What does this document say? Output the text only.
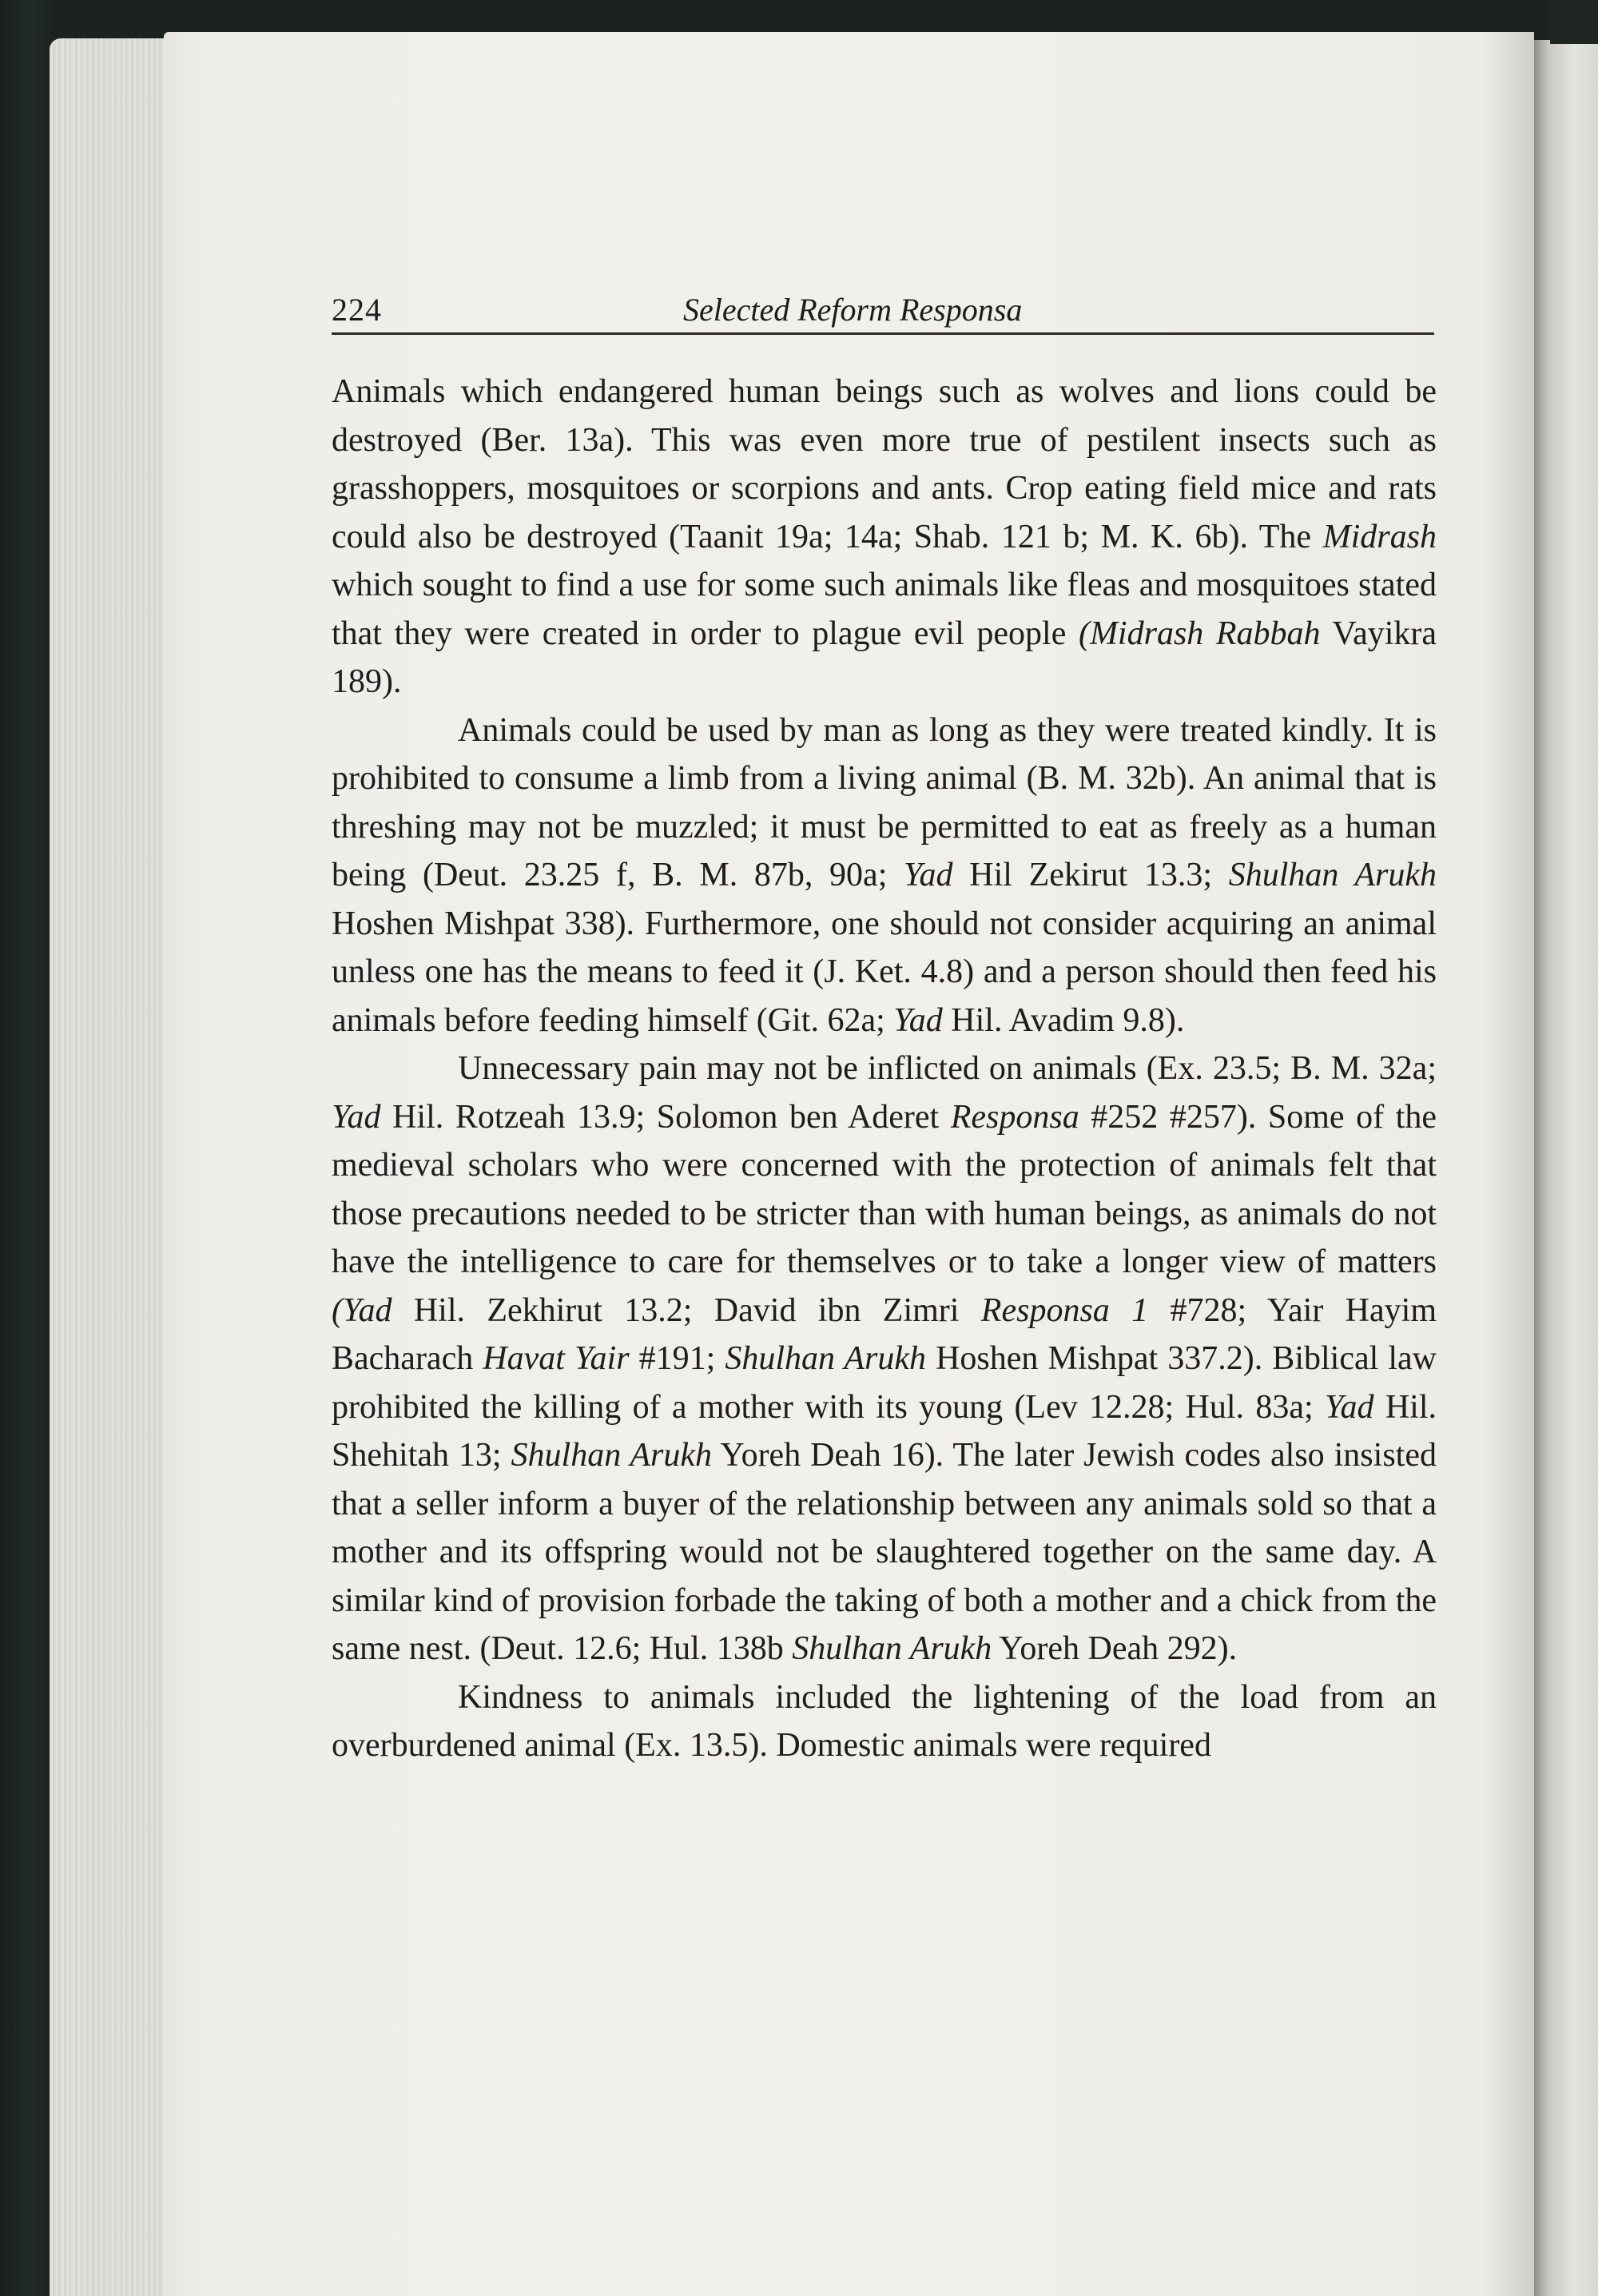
224	Selected Reform Responsa

Animals which endangered human beings such as wolves and lions could be destroyed (Ber. 13a). This was even more true of pestilent insects such as grasshoppers, mosquitoes or scorpions and ants. Crop eating field mice and rats could also be destroyed (Taanit 19a; 14a; Shab. 121 b; M. K. 6b). The Midrash which sought to find a use for some such animals like fleas and mosquitoes stated that they were created in order to plague evil people (Midrash Rabbah Vayikra 189).

Animals could be used by man as long as they were treated kindly. It is prohibited to consume a limb from a living animal (B. M. 32b). An animal that is threshing may not be muzzled; it must be permitted to eat as freely as a human being (Deut. 23.25 f, B. M. 87b, 90a; Yad Hil Zekirut 13.3; Shulhan Arukh Hoshen Mishpat 338). Furthermore, one should not consider acquiring an animal unless one has the means to feed it (J. Ket. 4.8) and a person should then feed his animals before feeding himself (Git. 62a; Yad Hil. Avadim 9.8).

Unnecessary pain may not be inflicted on animals (Ex. 23.5; B. M. 32a; Yad Hil. Rotzeah 13.9; Solomon ben Aderet Responsa #252 #257). Some of the medieval scholars who were concerned with the protection of animals felt that those precautions needed to be stricter than with human beings, as animals do not have the intelligence to care for themselves or to take a longer view of matters (Yad Hil. Zekhirut 13.2; David ibn Zimri Responsa 1 #728; Yair Hayim Bacharach Havat Yair #191; Shulhan Arukh Hoshen Mishpat 337.2). Biblical law prohibited the killing of a mother with its young (Lev 12.28; Hul. 83a; Yad Hil. Shehitah 13; Shulhan Arukh Yoreh Deah 16). The later Jewish codes also insisted that a seller inform a buyer of the relationship between any animals sold so that a mother and its offspring would not be slaughtered together on the same day. A similar kind of provision forbade the taking of both a mother and a chick from the same nest. (Deut. 12.6; Hul. 138b Shulhan Arukh Yoreh Deah 292).

Kindness to animals included the lightening of the load from an overburdened animal (Ex. 13.5). Domestic animals were required
